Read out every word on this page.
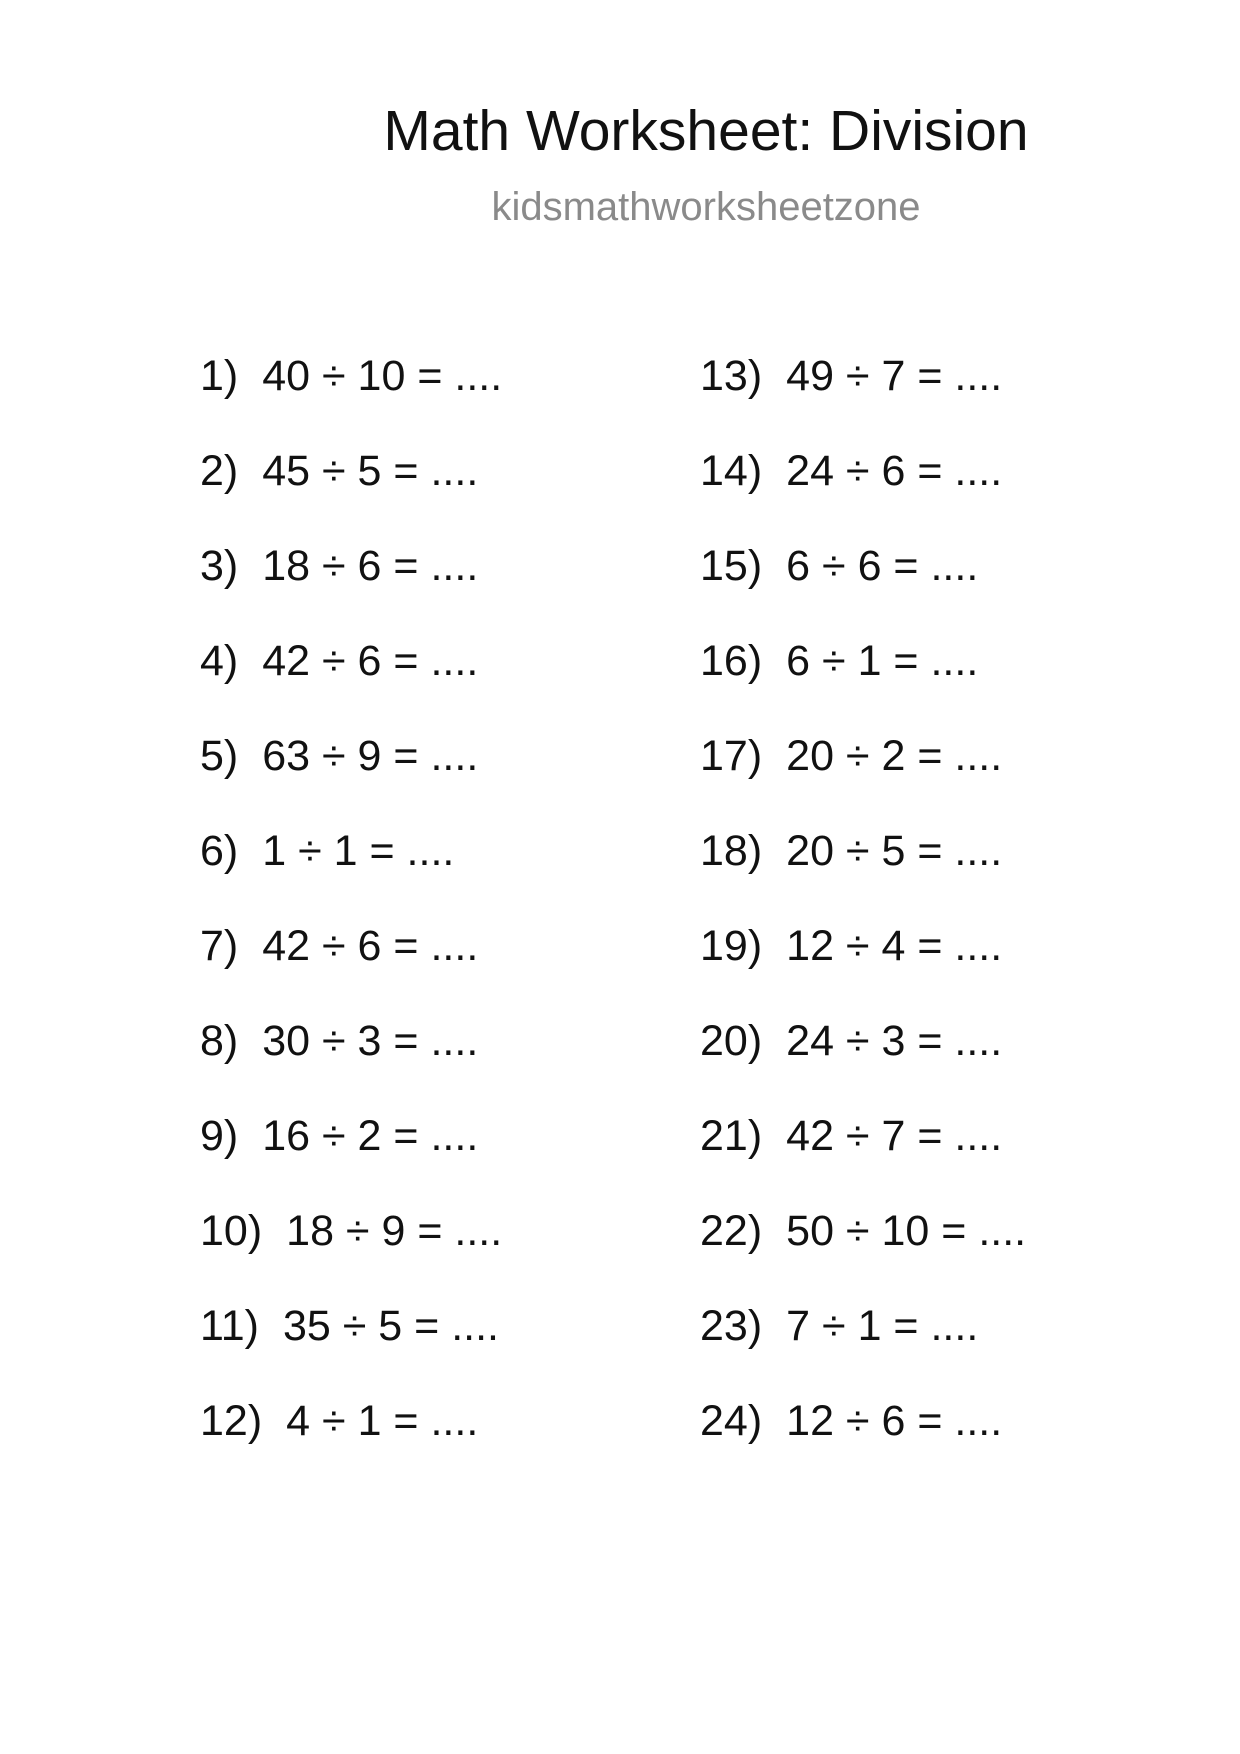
Math Worksheet: Division
kidsmathworksheetzone
1) 40 ÷ 10 = ....
2) 45 ÷ 5 = ....
3) 18 ÷ 6 = ....
4) 42 ÷ 6 = ....
5) 63 ÷ 9 = ....
6) 1 ÷ 1 = ....
7) 42 ÷ 6 = ....
8) 30 ÷ 3 = ....
9) 16 ÷ 2 = ....
10) 18 ÷ 9 = ....
11) 35 ÷ 5 = ....
12) 4 ÷ 1 = ....
13) 49 ÷ 7 = ....
14) 24 ÷ 6 = ....
15) 6 ÷ 6 = ....
16) 6 ÷ 1 = ....
17) 20 ÷ 2 = ....
18) 20 ÷ 5 = ....
19) 12 ÷ 4 = ....
20) 24 ÷ 3 = ....
21) 42 ÷ 7 = ....
22) 50 ÷ 10 = ....
23) 7 ÷ 1 = ....
24) 12 ÷ 6 = ....
